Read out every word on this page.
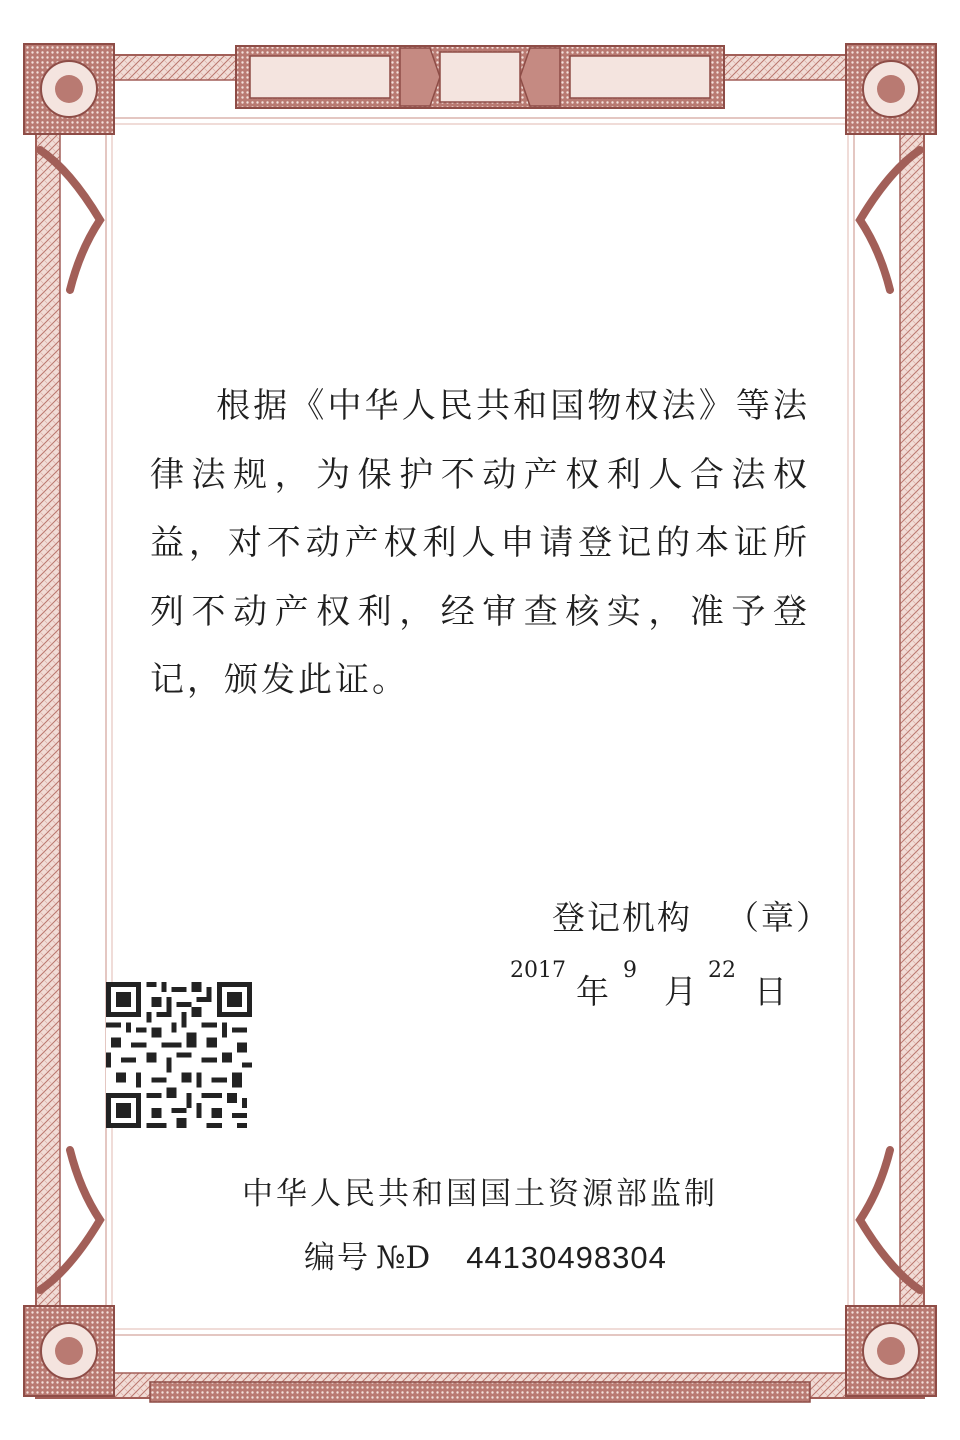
根据《中华人民共和国物权法》等法律法规，为保护不动产权利人合法权益，对不动产权利人申请登记的本证所列不动产权利，经审查核实，准予登记，颁发此证。

登记机构 （章）
2017
年
9
月
22
日
中华人民共和国国土资源部监制
编号 №D 44130498304
